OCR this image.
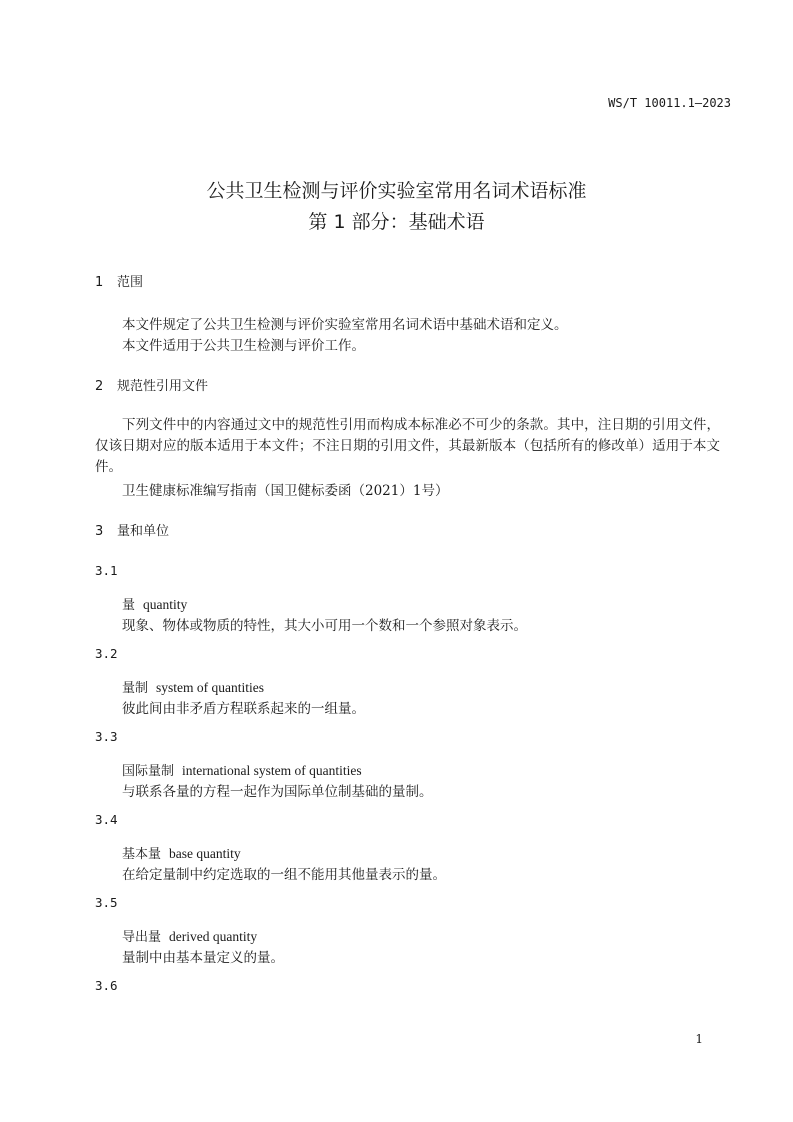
WS/T 10011.1—2023
公共卫生检测与评价实验室常用名词术语标准
第 1 部分：基础术语
1 范围
本文件规定了公共卫生检测与评价实验室常用名词术语中基础术语和定义。
本文件适用于公共卫生检测与评价工作。
2 规范性引用文件
下列文件中的内容通过文中的规范性引用而构成本标准必不可少的条款。其中，注日期的引用文件，仅该日期对应的版本适用于本文件；不注日期的引用文件，其最新版本（包括所有的修改单）适用于本文件。
卫生健康标准编写指南（国卫健标委函（2021）1号）
3 量和单位
3.1
量 quantity
现象、物体或物质的特性，其大小可用一个数和一个参照对象表示。
3.2
量制 system of quantities
彼此间由非矛盾方程联系起来的一组量。
3.3
国际量制 international system of quantities
与联系各量的方程一起作为国际单位制基础的量制。
3.4
基本量 base quantity
在给定量制中约定选取的一组不能用其他量表示的量。
3.5
导出量 derived quantity
量制中由基本量定义的量。
3.6
1
